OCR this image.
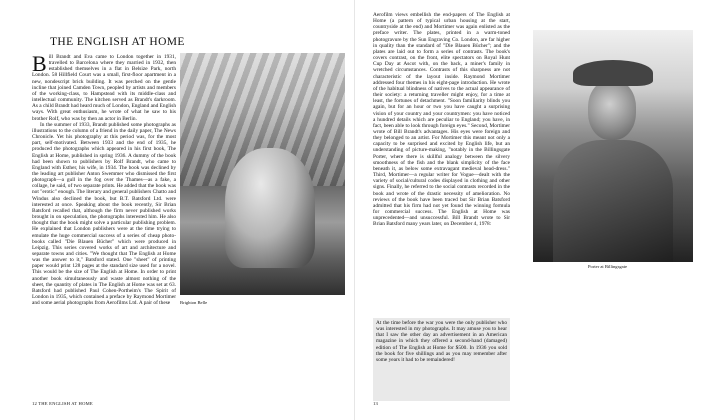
THE ENGLISH AT HOME

Bill Brandt and Eva came to London together in 1931, travelled to Barcelona where they married in 1932, then established themselves in a flat in Belsize Park, north London. 58 Hillfield Court was a small, first-floor apartment in a new, nondescript brick building. It was perched on the gentle incline that joined Camden Town, peopled by artists and members of the working-class, to Hampstead with its middle-class and intellectual community. The kitchen served as Brandt's darkroom. As a child Brandt had heard much of London, England and English ways. With great enthusiasm, he wrote of what he saw to his brother Rolf, who was by then an actor in Berlin.

In the summer of 1933, Brandt published some photographs as illustrations to the column of a friend in the daily paper, The News Chronicle. Yet his photography at this period was, for the most part, self-motivated. Between 1933 and the end of 1935, he produced the photographs which appeared in his first book, The English at Home, published in spring 1936. A dummy of the book had been shown to publishers by Rolf Brandt, who came to England with Esther, his wife, in 1934. The book was declined by the leading art publisher Anton Swemmer who dismissed the first photograph—a gull in the fog over the Thames—as a fake, a collage, he said, of two separate prints. He added that the book was not "erotic" enough. The literary and general publishers Chatto and Windus also declined the book, but B.T. Batsford Ltd. were interested at once. Speaking about the book recently, Sir Brian Batsford recalled that, although the firm never published works brought in on speculation, the photographs interested him. He also thought that the book might solve a particular publishing problem. He explained that London publishers were at the time trying to emulate the huge commercial success of a series of cheap photo-books called "Die Blauen Bücher" which were produced in Leipzig. This series covered works of art and architecture and separate towns and cities. "We thought that The English at Home was the answer to it," Batsford stated. One "sheet" of printing paper would print 128 pages at the standard size used for a novel. This would be the size of The English at Home. In order to print another book simultaneously and waste almost nothing of the sheet, the quantity of plates in The English at Home was set at 63. Batsford had published Paul Cohen-Portheim's The Spirit of London in 1935, which contained a preface by Raymond Mortimer and some aerial photographs from Aerofilms Ltd. A pair of these	Brighton Belle
12 THE ENGLISH AT HOME

Aerofilm views embellish the end-papers of The English at Home (a pattern of typical urban housing at the start, countryside at the end) and Mortimer was again enlisted as the preface writer. The plates, printed in a warm-toned photogravure by the Sun Engraving Co. London, are far higher in quality than the standard of "Die Blauen Bücher"; and the plates are laid out to form a series of contrasts. The book's covers contrast, on the front, elite spectators on Royal Hunt Cup Day at Ascot with, on the back, a miner's family in wretched circumstances. Contrasts of this sharpness are not characteristic of the layout inside. Raymond Mortimer addressed four themes in his eight-page introduction. He wrote of the habitual blindness of natives to the actual appearance of their society: a returning traveller might enjoy, for a time at least, the fortunes of detachment. "Soon familiarity blinds you again, but for an hour or two you have caught a surprising vision of your country and your countrymen: you have noticed a hundred details which are peculiar to England; you have, in fact, been able to look through foreign eyes." Second, Mortimer wrote of Bill Brandt's advantages. His eyes were foreign and they belonged to an artist. For Mortimer this meant not only a capacity to be surprised and excited by English life, but an understanding of picture-making, "notably in the Billingsgate Porter, where there is skillful analogy between the silvery smoothness of the fish and the blank simplicity of the face beneath it, as below some extravagant medieval head-dress." Third, Mortimer—a regular writer for Vogue—dealt with the variety of social/cultural codes displayed in clothing and other signs. Finally, he referred to the social contrasts recorded in the book and wrote of the drastic necessity of amelioration. No reviews of the book have been traced but Sir Brian Batsford admitted that his firm had not yet found the winning formula for commercial success. The English at Home was unprecedented—and unsuccessful. Bill Brandt wrote to Sir Brian Batsford many years later, on December 4, 1978:

At the time before the war you were the only publisher who was interested in my photographs. It may amuse you to hear that I saw the other day an advertisement in an American magazine in which they offered a second-hand (damaged) edition of The English at Home for $500. In 1936 you sold the book for five shillings and as you may remember after some years it had to be remaindered!

Porter at Billingsgate
13
